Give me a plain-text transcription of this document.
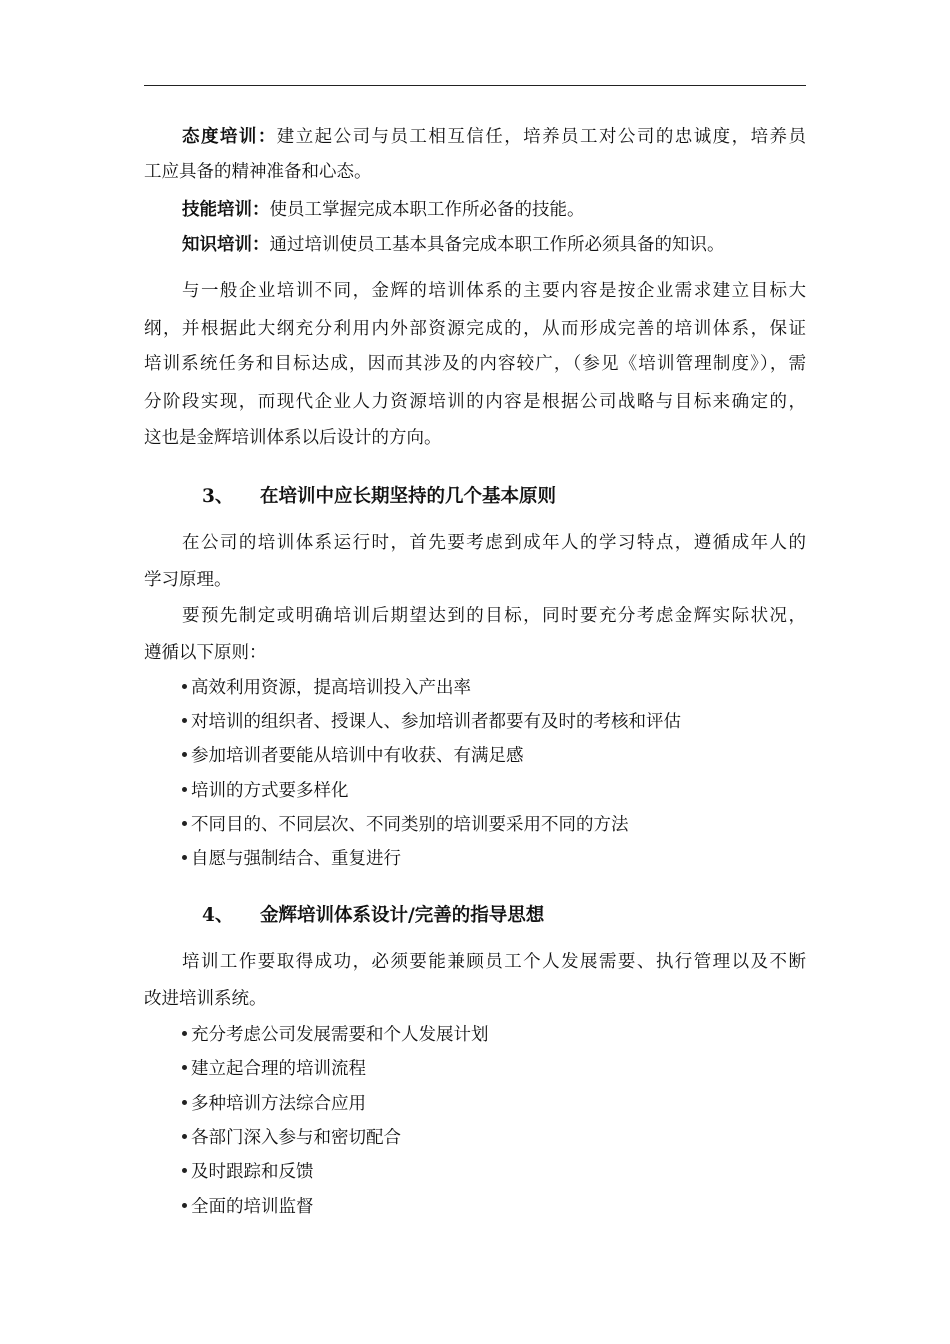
态度培训：建立起公司与员工相互信任，培养员工对公司的忠诚度，培养员
工应具备的精神准备和心态。
技能培训：使员工掌握完成本职工作所必备的技能。
知识培训：通过培训使员工基本具备完成本职工作所必须具备的知识。
与一般企业培训不同，金辉的培训体系的主要内容是按企业需求建立目标大
纲，并根据此大纲充分利用内外部资源完成的，从而形成完善的培训体系，保证
培训系统任务和目标达成，因而其涉及的内容较广，（参见《培训管理制度》），需
分阶段实现，而现代企业人力资源培训的内容是根据公司战略与目标来确定的，
这也是金辉培训体系以后设计的方向。
3、 在培训中应长期坚持的几个基本原则
在公司的培训体系运行时，首先要考虑到成年人的学习特点，遵循成年人的
学习原理。
要预先制定或明确培训后期望达到的目标，同时要充分考虑金辉实际状况，
遵循以下原则：
高效利用资源，提高培训投入产出率
对培训的组织者、授课人、参加培训者都要有及时的考核和评估
参加培训者要能从培训中有收获、有满足感
培训的方式要多样化
不同目的、不同层次、不同类别的培训要采用不同的方法
自愿与强制结合、重复进行
4、 金辉培训体系设计/完善的指导思想
培训工作要取得成功，必须要能兼顾员工个人发展需要、执行管理以及不断
改进培训系统。
充分考虑公司发展需要和个人发展计划
建立起合理的培训流程
多种培训方法综合应用
各部门深入参与和密切配合
及时跟踪和反馈
全面的培训监督
